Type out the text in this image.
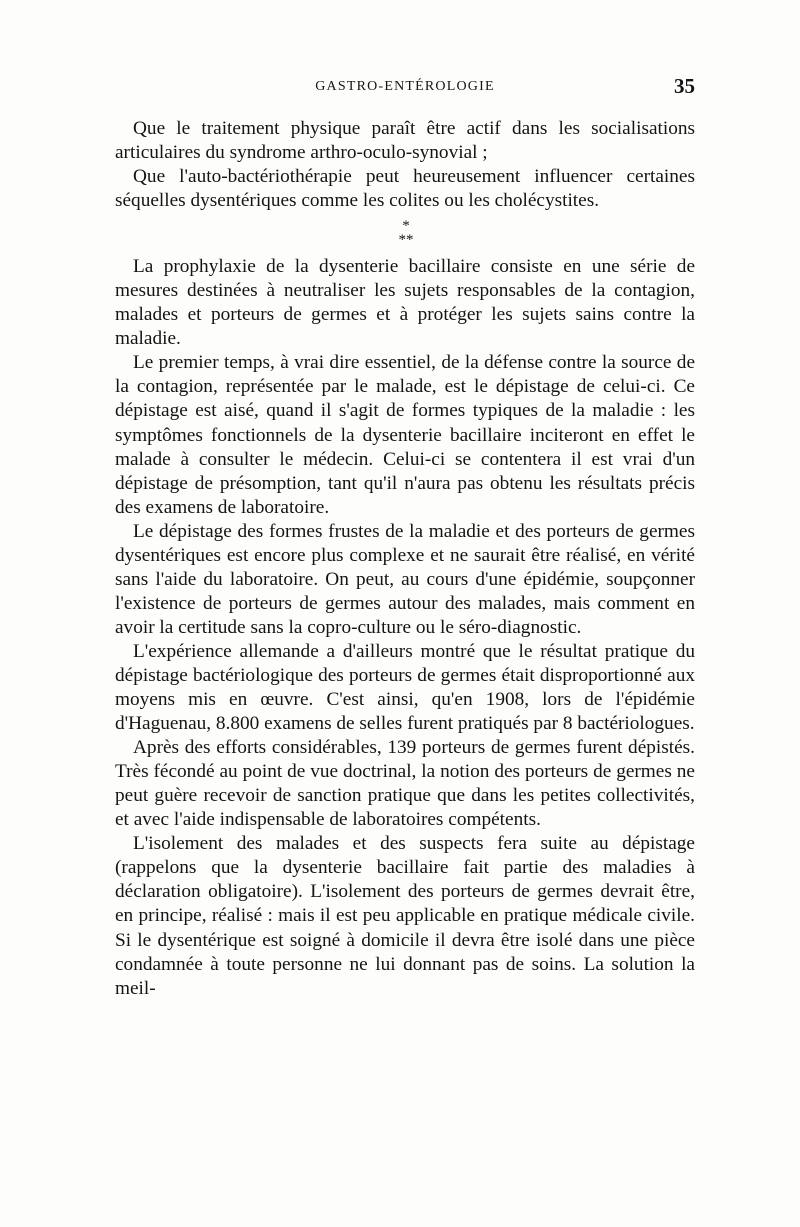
GASTRO-ENTÉROLOGIE	35

Que le traitement physique paraît être actif dans les socialisations articulaires du syndrome arthro-oculo-synovial ;

Que l'auto-bactériothérapie peut heureusement influencer certaines séquelles dysentériques comme les colites ou les cholécystites.

*
**

La prophylaxie de la dysenterie bacillaire consiste en une série de mesures destinées à neutraliser les sujets responsables de la contagion, malades et porteurs de germes et à protéger les sujets sains contre la maladie.

Le premier temps, à vrai dire essentiel, de la défense contre la source de la contagion, représentée par le malade, est le dépistage de celui-ci. Ce dépistage est aisé, quand il s'agit de formes typiques de la maladie : les symptômes fonctionnels de la dysenterie bacillaire inciteront en effet le malade à consulter le médecin. Celui-ci se contentera il est vrai d'un dépistage de présomption, tant qu'il n'aura pas obtenu les résultats précis des examens de laboratoire.

Le dépistage des formes frustes de la maladie et des porteurs de germes dysentériques est encore plus complexe et ne saurait être réalisé, en vérité sans l'aide du laboratoire. On peut, au cours d'une épidémie, soupçonner l'existence de porteurs de germes autour des malades, mais comment en avoir la certitude sans la copro-culture ou le séro-diagnostic.

L'expérience allemande a d'ailleurs montré que le résultat pratique du dépistage bactériologique des porteurs de germes était disproportionné aux moyens mis en œuvre. C'est ainsi, qu'en 1908, lors de l'épidémie d'Haguenau, 8.800 examens de selles furent pratiqués par 8 bactériologues.

Après des efforts considérables, 139 porteurs de germes furent dépistés. Très fécondé au point de vue doctrinal, la notion des porteurs de germes ne peut guère recevoir de sanction pratique que dans les petites collectivités, et avec l'aide indispensable de laboratoires compétents.

L'isolement des malades et des suspects fera suite au dépistage (rappelons que la dysenterie bacillaire fait partie des maladies à déclaration obligatoire). L'isolement des porteurs de germes devrait être, en principe, réalisé : mais il est peu applicable en pratique médicale civile. Si le dysentérique est soigné à domicile il devra être isolé dans une pièce condamnée à toute personne ne lui donnant pas de soins. La solution la meil-
